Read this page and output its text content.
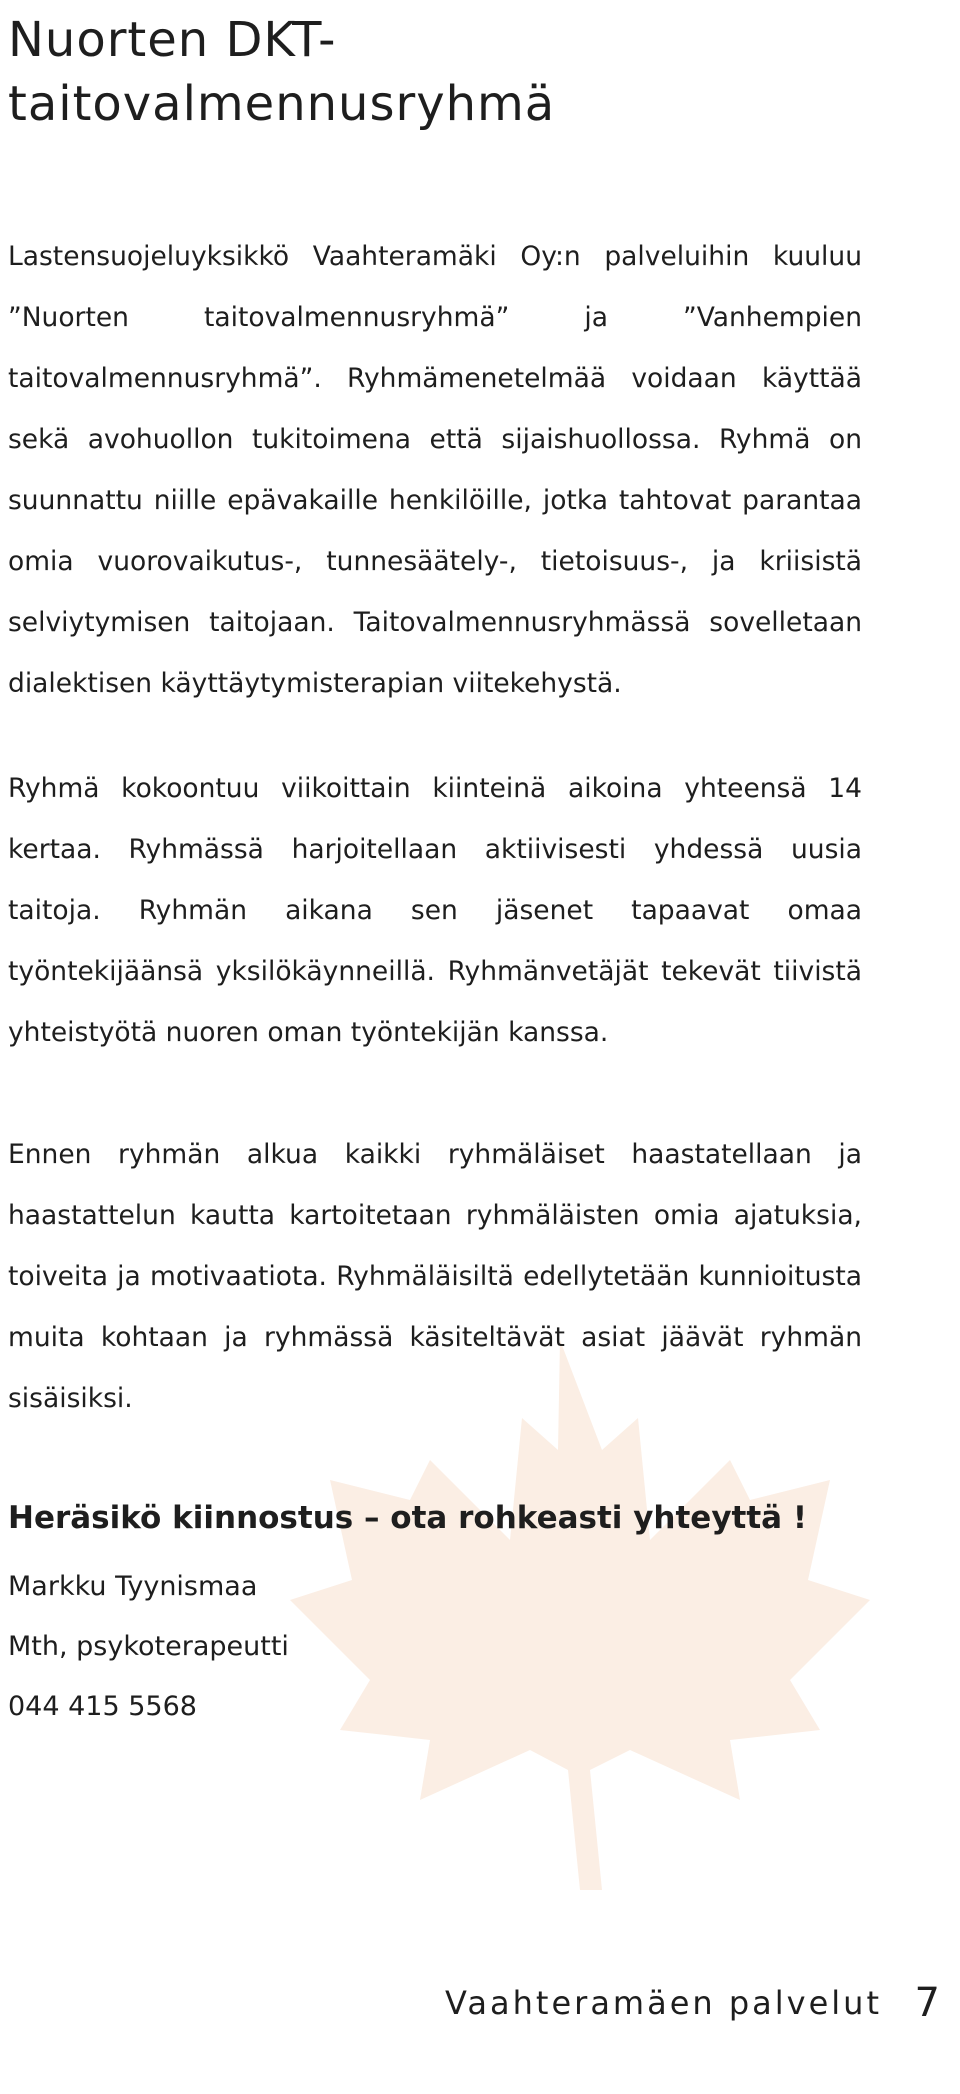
Nuorten DKT-taitovalmennusryhmä

Lastensuojeluyksikkö Vaahteramäki Oy:n palveluihin kuuluu ”Nuorten taitovalmennusryhmä” ja ”Vanhempien taitovalmennusryhmä”. Ryhmämenetelmää voidaan käyttää sekä avohuollon tukitoimena että sijaishuollossa. Ryhmä on suunnattu niille epävakaille henkilöille, jotka tahtovat parantaa omia vuorovaikutus-, tunnesäätely-, tietoisuus-, ja kriisistä selviytymisen taitojaan. Taitovalmennusryhmässä sovelletaan dialektisen käyttäytymisterapian viitekehystä.

Ryhmä kokoontuu viikoittain kiinteinä aikoina yhteensä 14 kertaa. Ryhmässä harjoitellaan aktiivisesti yhdessä uusia taitoja. Ryhmän aikana sen jäsenet tapaavat omaa työntekijäänsä yksilökäynneillä. Ryhmänvetäjät tekevät tiivistä yhteistyötä nuoren oman työntekijän kanssa.

Ennen ryhmän alkua kaikki ryhmäläiset haastatellaan ja haastattelun kautta kartoitetaan ryhmäläisten omia ajatuksia, toiveita ja motivaatiota. Ryhmäläisiltä edellytetään kunnioitusta muita kohtaan ja ryhmässä käsiteltävät asiat jäävät ryhmän sisäisiksi.

Heräsikö kiinnostus – ota rohkeasti yhteyttä !

Markku Tyynismaa

Mth, psykoterapeutti

044 415 5568

Vaahteramäen palvelut 7
